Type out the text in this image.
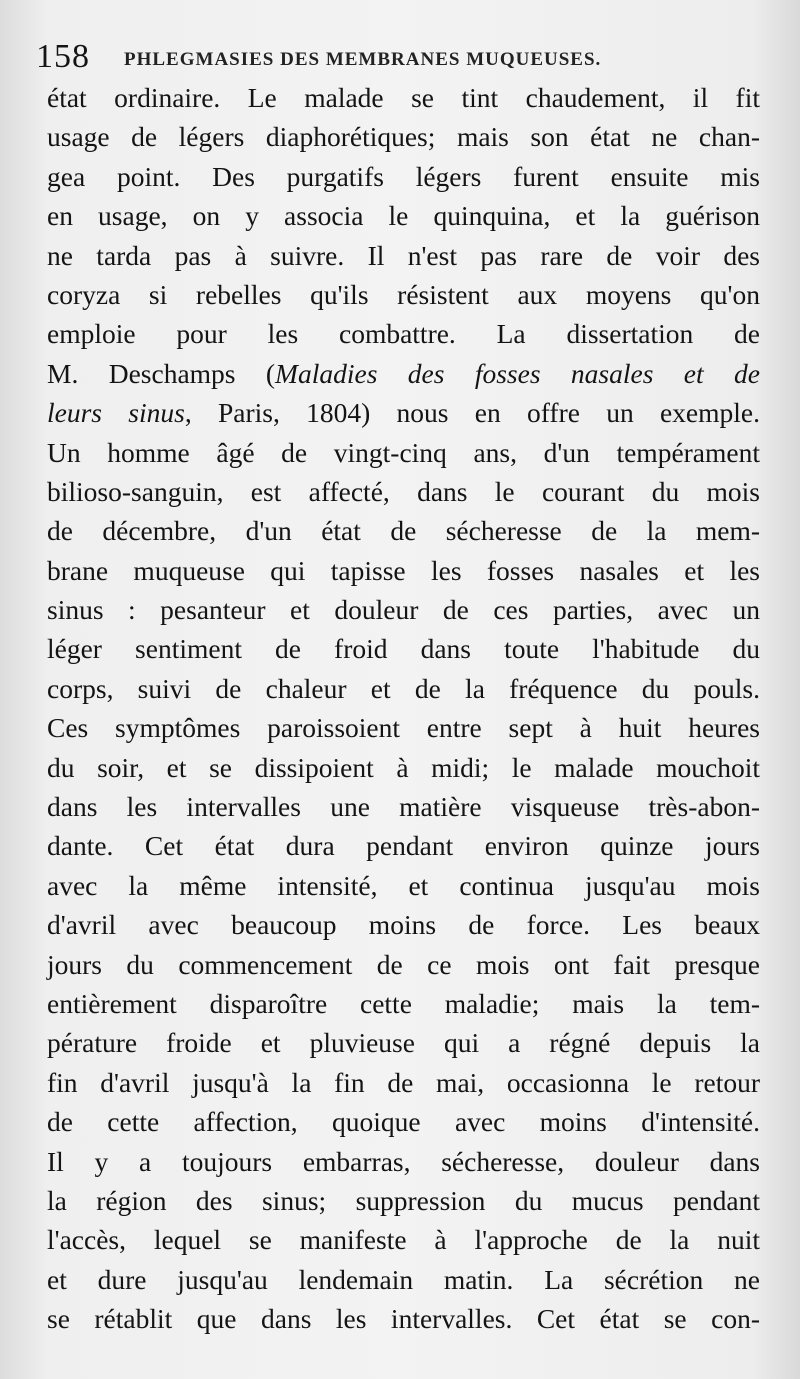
158 PHLEGMASIES DES MEMBRANES MUQUEUSES.
état ordinaire. Le malade se tint chaudement, il fit
usage de légers diaphorétiques; mais son état ne chan-
gea point. Des purgatifs légers furent ensuite mis
en usage, on y associa le quinquina, et la guérison
ne tarda pas à suivre. Il n'est pas rare de voir des
coryza si rebelles qu'ils résistent aux moyens qu'on
emploie pour les combattre. La dissertation de
M. Deschamps (Maladies des fosses nasales et de
leurs sinus, Paris, 1804) nous en offre un exemple.
Un homme âgé de vingt-cinq ans, d'un tempérament
bilioso-sanguin, est affecté, dans le courant du mois
de décembre, d'un état de sécheresse de la mem-
brane muqueuse qui tapisse les fosses nasales et les
sinus : pesanteur et douleur de ces parties, avec un
léger sentiment de froid dans toute l'habitude du
corps, suivi de chaleur et de la fréquence du pouls.
Ces symptômes paroissoient entre sept à huit heures
du soir, et se dissipoient à midi; le malade mouchoit
dans les intervalles une matière visqueuse très-abon-
dante. Cet état dura pendant environ quinze jours
avec la même intensité, et continua jusqu'au mois
d'avril avec beaucoup moins de force. Les beaux
jours du commencement de ce mois ont fait presque
entièrement disparoître cette maladie; mais la tem-
pérature froide et pluvieuse qui a régné depuis la
fin d'avril jusqu'à la fin de mai, occasionna le retour
de cette affection, quoique avec moins d'intensité.
Il y a toujours embarras, sécheresse, douleur dans
la région des sinus; suppression du mucus pendant
l'accès, lequel se manifeste à l'approche de la nuit
et dure jusqu'au lendemain matin. La sécrétion ne
se rétablit que dans les intervalles. Cet état se con-
